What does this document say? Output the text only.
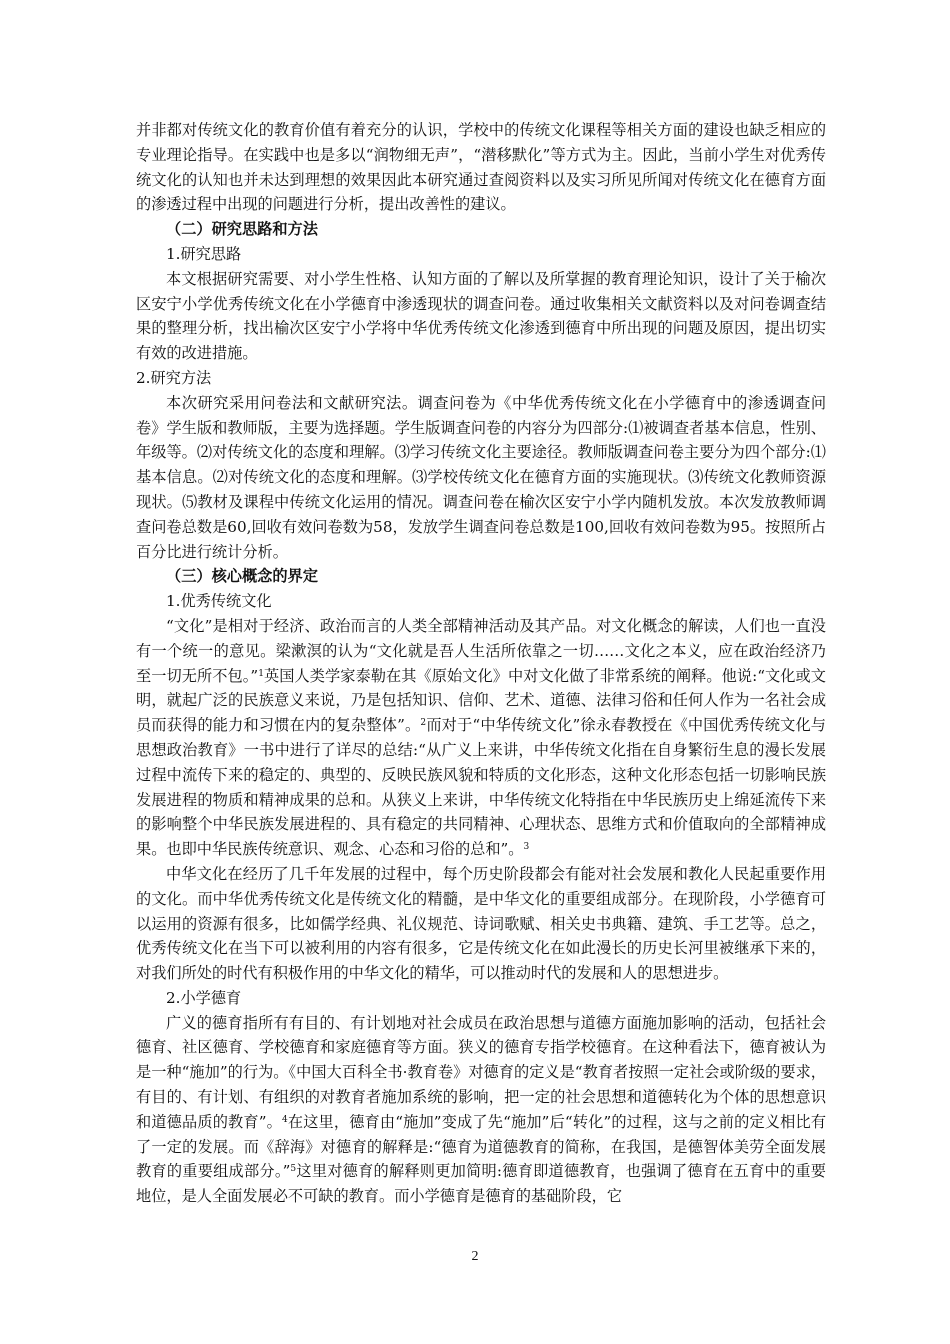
并非都对传统文化的教育价值有着充分的认识，学校中的传统文化课程等相关方面的建设也缺乏相应的专业理论指导。在实践中也是多以“润物细无声”，“潜移默化”等方式为主。因此，当前小学生对优秀传统文化的认知也并未达到理想的效果因此本研究通过查阅资料以及实习所见所闻对传统文化在德育方面的渗透过程中出现的问题进行分析，提出改善性的建议。

（二）研究思路和方法

1.研究思路

本文根据研究需要、对小学生性格、认知方面的了解以及所掌握的教育理论知识，设计了关于榆次区安宁小学优秀传统文化在小学德育中渗透现状的调查问卷。通过收集相关文献资料以及对问卷调查结果的整理分析，找出榆次区安宁小学将中华优秀传统文化渗透到德育中所出现的问题及原因，提出切实有效的改进措施。

2.研究方法

本次研究采用问卷法和文献研究法。调查问卷为《中华优秀传统文化在小学德育中的渗透调查问卷》学生版和教师版，主要为选择题。学生版调查问卷的内容分为四部分:⑴被调查者基本信息，性别、年级等。⑵对传统文化的态度和理解。⑶学习传统文化主要途径。教师版调查问卷主要分为四个部分:⑴基本信息。⑵对传统文化的态度和理解。⑶学校传统文化在德育方面的实施现状。⑶传统文化教师资源现状。⑸教材及课程中传统文化运用的情况。调查问卷在榆次区安宁小学内随机发放。本次发放教师调查问卷总数是60,回收有效问卷数为58，发放学生调查问卷总数是100,回收有效问卷数为95。按照所占百分比进行统计分析。

（三）核心概念的界定

1.优秀传统文化

“文化”是相对于经济、政治而言的人类全部精神活动及其产品。对文化概念的解读，人们也一直没有一个统一的意见。梁漱溟的认为“文化就是吾人生活所依靠之一切……文化之本义，应在政治经济乃至一切无所不包。”$^1$英国人类学家泰勒在其《原始文化》中对文化做了非常系统的阐释。他说:“文化或文明，就起广泛的民族意义来说，乃是包括知识、信仰、艺术、道德、法律习俗和任何人作为一名社会成员而获得的能力和习惯在内的复杂整体”。$^2$而对于“中华传统文化”徐永春教授在《中国优秀传统文化与思想政治教育》一书中进行了详尽的总结:“从广义上来讲，中华传统文化指在自身繁衍生息的漫长发展过程中流传下来的稳定的、典型的、反映民族风貌和特质的文化形态，这种文化形态包括一切影响民族发展进程的物质和精神成果的总和。从狭义上来讲，中华传统文化特指在中华民族历史上绵延流传下来的影响整个中华民族发展进程的、具有稳定的共同精神、心理状态、思维方式和价值取向的全部精神成果。也即中华民族传统意识、观念、心态和习俗的总和”。$^3$

中华文化在经历了几千年发展的过程中，每个历史阶段都会有能对社会发展和教化人民起重要作用的文化。而中华优秀传统文化是传统文化的精髓，是中华文化的重要组成部分。在现阶段，小学德育可以运用的资源有很多，比如儒学经典、礼仪规范、诗词歌赋、相关史书典籍、建筑、手工艺等。总之，优秀传统文化在当下可以被利用的内容有很多，它是传统文化在如此漫长的历史长河里被继承下来的，对我们所处的时代有积极作用的中华文化的精华，可以推动时代的发展和人的思想进步。

2.小学德育

广义的德育指所有有目的、有计划地对社会成员在政治思想与道德方面施加影响的活动，包括社会德育、社区德育、学校德育和家庭德育等方面。狭义的德育专指学校德育。在这种看法下，德育被认为是一种“施加”的行为。《中国大百科全书·教育卷》对德育的定义是“教育者按照一定社会或阶级的要求，有目的、有计划、有组织的对教育者施加系统的影响，把一定的社会思想和道德转化为个体的思想意识和道德品质的教育”。$^4$在这里，德育由“施加”变成了先“施加”后“转化”的过程，这与之前的定义相比有了一定的发展。而《辞海》对德育的解释是:“德育为道德教育的简称，在我国，是德智体美劳全面发展教育的重要组成部分。”$^5$这里对德育的解释则更加简明:德育即道德教育，也强调了德育在五育中的重要地位，是人全面发展必不可缺的教育。而小学德育是德育的基础阶段，它

2
